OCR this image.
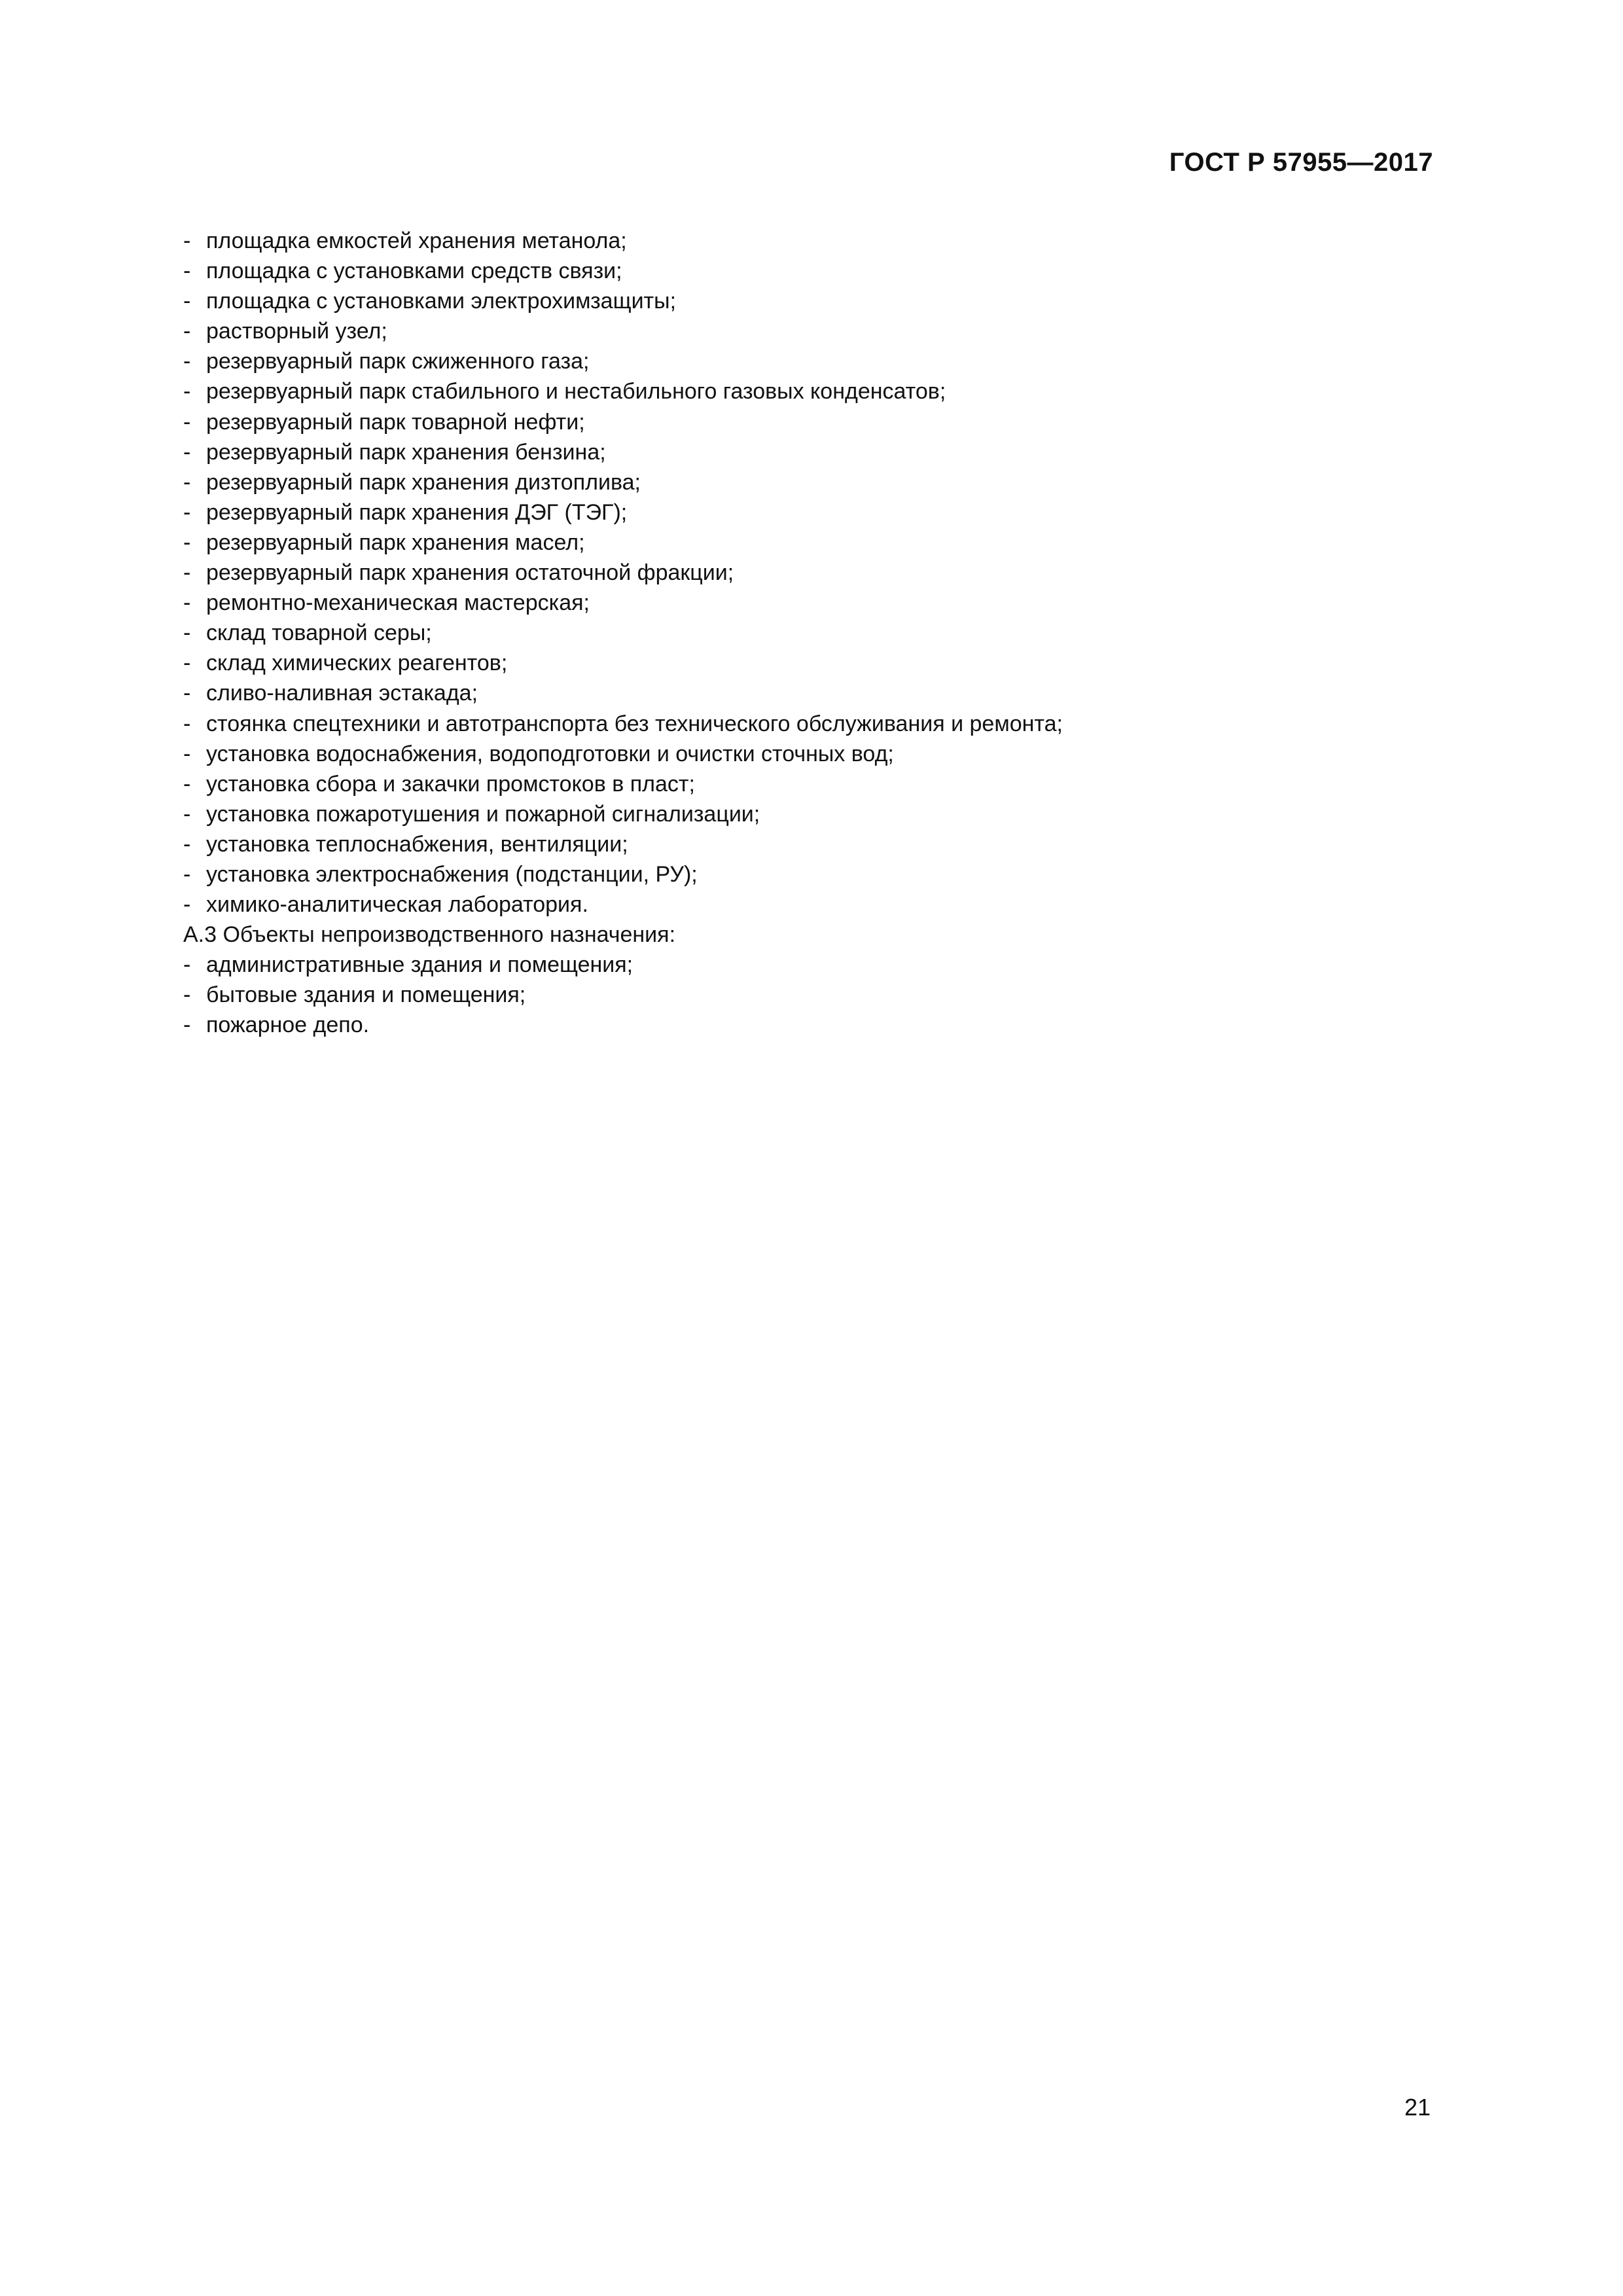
ГОСТ Р 57955—2017
- площадка емкостей хранения метанола;
- площадка с установками средств связи;
- площадка с установками электрохимзащиты;
- растворный узел;
- резервуарный парк сжиженного газа;
- резервуарный парк стабильного и нестабильного газовых конденсатов;
- резервуарный парк товарной нефти;
- резервуарный парк хранения бензина;
- резервуарный парк хранения дизтоплива;
- резервуарный парк хранения ДЭГ (ТЭГ);
- резервуарный парк хранения масел;
- резервуарный парк хранения остаточной фракции;
- ремонтно-механическая мастерская;
- склад товарной серы;
- склад химических реагентов;
- сливо-наливная эстакада;
- стоянка спецтехники и автотранспорта без технического обслуживания и ремонта;
- установка водоснабжения, водоподготовки и очистки сточных вод;
- установка сбора и закачки промстоков в пласт;
- установка пожаротушения и пожарной сигнализации;
- установка теплоснабжения, вентиляции;
- установка электроснабжения (подстанции, РУ);
- химико-аналитическая лаборатория.
А.3 Объекты непроизводственного назначения:
- административные здания и помещения;
- бытовые здания и помещения;
- пожарное депо.
21
